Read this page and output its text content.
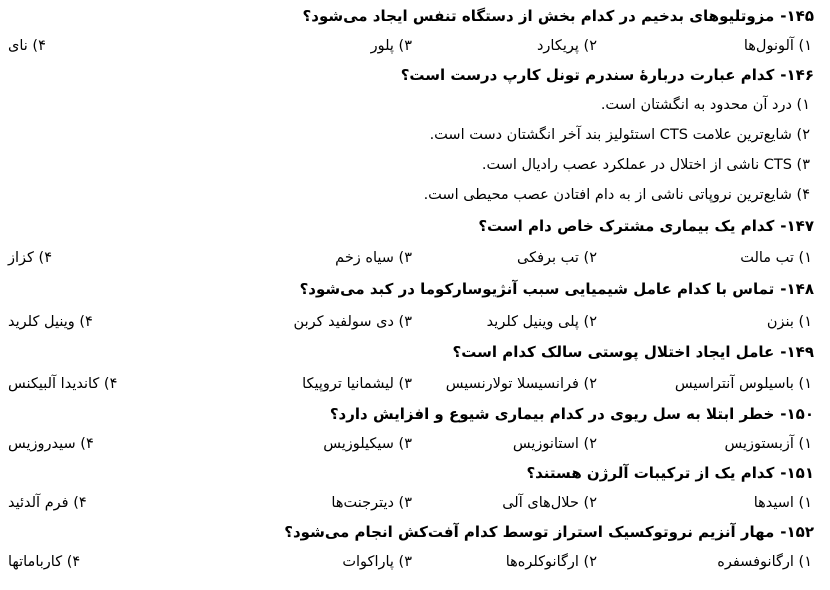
۱۴۵-مزوتلیوهای بدخیم در کدام بخش از دستگاه تنفس ایجاد می‌شود؟
۱) آلونول‌ها
۲) پریکارد
۳) پلور
۴) نای
۱۴۶-کدام عبارت دربارهٔ سندرم تونل کارپ درست است؟
۱) درد آن محدود به انگشتان است.
۲) شایع‌ترین علامت CTS استئولیز بند آخر انگشتان دست است.
۳) CTS ناشی از اختلال در عملکرد عصب رادیال است.
۴) شایع‌ترین نروپاتی ناشی از به دام افتادن عصب محیطی است.
۱۴۷-کدام یک بیماری مشترک خاص دام است؟
۱) تب مالت
۲) تب برفکی
۳) سیاه زخم
۴) کزاز
۱۴۸-تماس با کدام عامل شیمیایی سبب آنژیوسارکوما در کبد می‌شود؟
۱) بنزن
۲) پلی وینیل کلرید
۳) دی سولفید کربن
۴) وینیل کلرید
۱۴۹-عامل ایجاد اختلال پوستی سالک کدام است؟
۱) باسیلوس آنتراسیس
۲) فرانسیسلا تولارنسیس
۳) لیشمانیا تروپیکا
۴) کاندیدا آلبیکنس
۱۵۰-خطر ابتلا به سل ریوی در کدام بیماری شیوع و افزایش دارد؟
۱) آزبستوزیس
۲) استانوزیس
۳) سیکیلوزیس
۴) سیدروزیس
۱۵۱-کدام یک از ترکیبات آلرژن هستند؟
۱) اسیدها
۲) حلال‌های آلی
۳) دیترجنت‌ها
۴) فرم آلدئید
۱۵۲-مهار آنزیم نروتوکسیک استراز توسط کدام آفت‌کش انجام می‌شود؟
۱) ارگانوفسفره
۲) ارگانوکلره‌ها
۳) پاراکوات
۴) کارباماتها
